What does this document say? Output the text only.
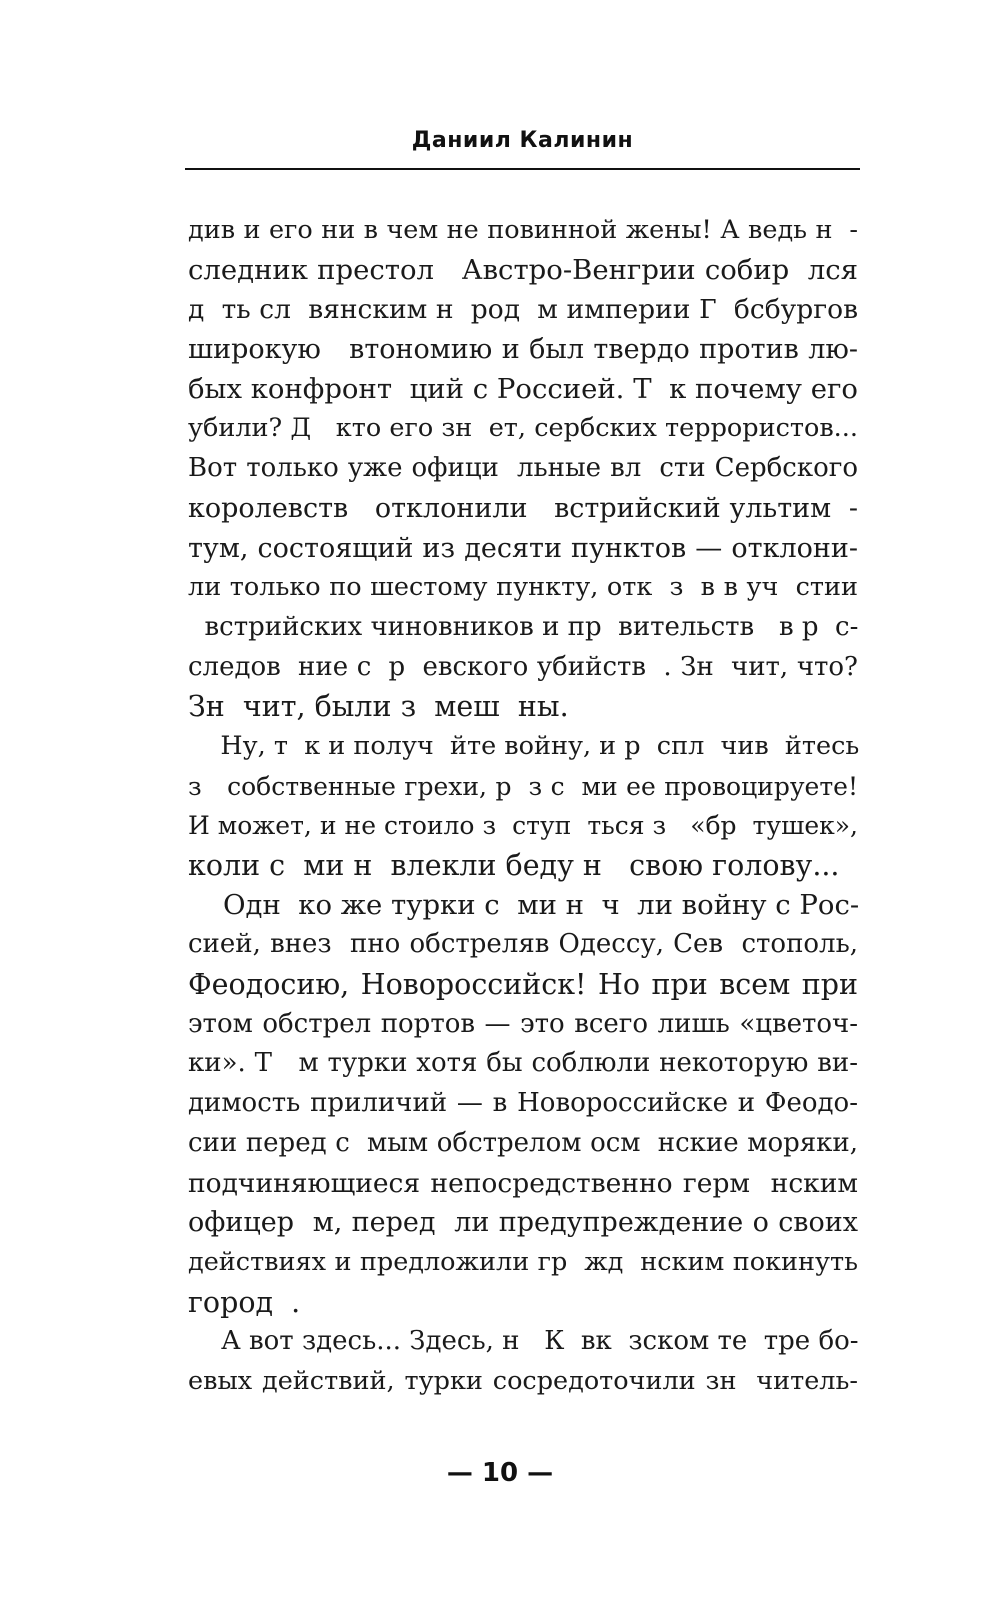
Даниил Калинин
див и его ни в чем не повинной жены! А ведь н  -
следник престол   Австро-Венгрии собир  лся
д  ть сл  вянским н  род  м империи Г  бсбургов
широкую   втономию и был твердо против лю-
бых конфронт  ций с Россией. Т  к почему его
убили? Д   кто его зн  ет, сербских террористов...
Вот только уже офици  льные вл  сти Сербского
королевств   отклонили   встрийский ультим  -
тум, состоящий из десяти пунктов — отклони-
ли только по шестому пункту, отк  з  в в уч  стии
встрийских чиновников и пр  вительств   в р  с-
следов  ние с  р  евского убийств  . Зн  чит, что?
Зн  чит, были з  меш  ны.
Ну, т  к и получ  йте войну, и р  спл  чив  йтесь
з   собственные грехи, р  з с  ми ее провоцируете!
И может, и не стоило з  ступ  ться з   «бр  тушек»,
коли с  ми н  влекли беду н   свою голову...
Одн  ко же турки с  ми н  ч  ли войну с Рос-
сией, внез  пно обстреляв Одессу, Сев  стополь,
Феодосию, Новороссийск! Но при всем при
этом обстрел портов — это всего лишь «цветоч-
ки». Т   м турки хотя бы соблюли некоторую ви-
димость приличий — в Новороссийске и Феодо-
сии перед с  мым обстрелом осм  нские моряки,
подчиняющиеся непосредственно герм  нским
офицер  м, перед  ли предупреждение о своих
действиях и предложили гр  жд  нским покинуть
город  .
А вот здесь... Здесь, н   К  вк  зском те  тре бо-
евых действий, турки сосредоточили зн  читель-
— 10 —
